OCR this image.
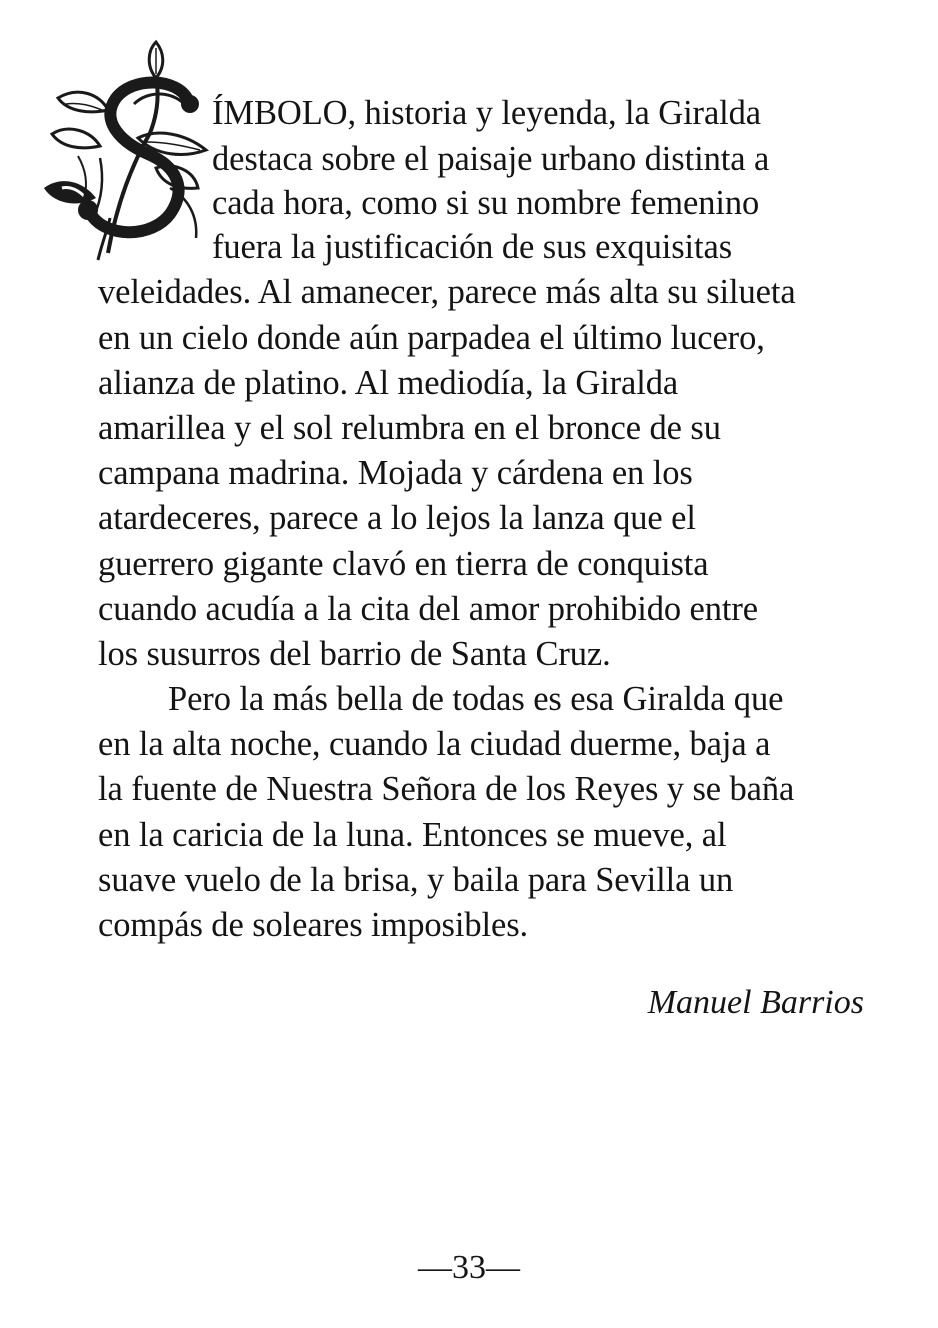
ÍMBOLO, historia y leyenda, la Giralda
destaca sobre el paisaje urbano distinta a
cada hora, como si su nombre femenino
fuera la justificación de sus exquisitas
veleidades. Al amanecer, parece más alta su silueta
en un cielo donde aún parpadea el último lucero,
alianza de platino. Al mediodía, la Giralda
amarillea y el sol relumbra en el bronce de su
campana madrina. Mojada y cárdena en los
atardeceres, parece a lo lejos la lanza que el
guerrero gigante clavó en tierra de conquista
cuando acudía a la cita del amor prohibido entre
los susurros del barrio de Santa Cruz.
Pero la más bella de todas es esa Giralda que
en la alta noche, cuando la ciudad duerme, baja a
la fuente de Nuestra Señora de los Reyes y se baña
en la caricia de la luna. Entonces se mueve, al
suave vuelo de la brisa, y baila para Sevilla un
compás de soleares imposibles.
Manuel Barrios
—33—
